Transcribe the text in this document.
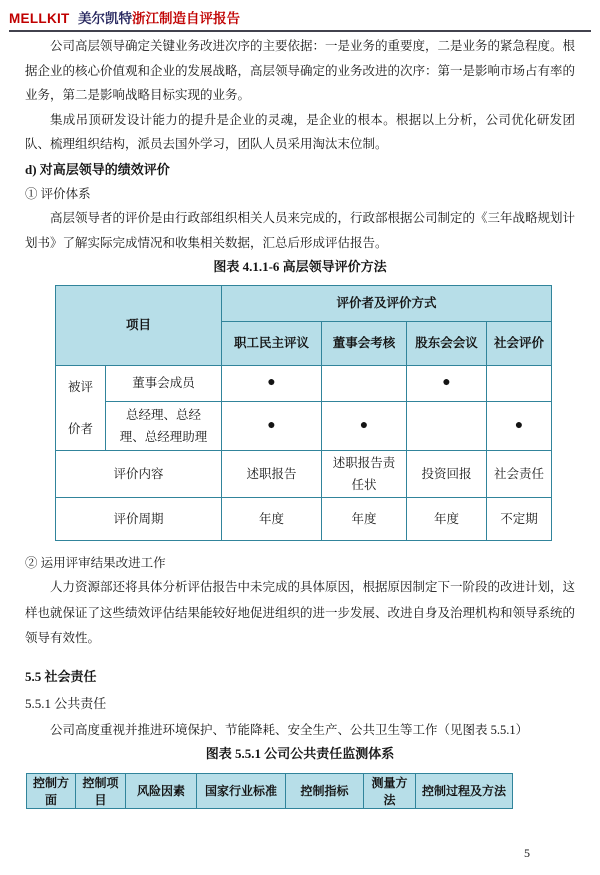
MELLKIT 美尔凯特浙江制造自评报告

公司高层领导确定关键业务改进次序的主要依据：一是业务的重要度，二是业务的紧急程度。根据企业的核心价值观和企业的发展战略，高层领导确定的业务改进的次序：第一是影响市场占有率的业务，第二是影响战略目标实现的业务。

集成吊顶研发设计能力的提升是企业的灵魂，是企业的根本。根据以上分析，公司优化研发团队、梳理组织结构，派员去国外学习，团队人员采用淘汰末位制。

d) 对高层领导的绩效评价

① 评价体系

高层领导者的评价是由行政部组织相关人员来完成的，行政部根据公司制定的《三年战略规划计划书》了解实际完成情况和收集相关数据，汇总后形成评估报告。

图表 4.1.1-6 高层领导评价方法

项目		评价者及评价方式			
		职工民主评议	董事会考核	股东会会议	社会评价
被评价者	董事会成员	●		●	
	总经理、总经理、总经理助理	●	●		●
评价内容		述职报告	述职报告责任状	投资回报	社会责任
评价周期		年度	年度	年度	不定期

② 运用评审结果改进工作

人力资源部还将具体分析评估报告中未完成的具体原因，根据原因制定下一阶段的改进计划，这样也就保证了这些绩效评估结果能较好地促进组织的进一步发展、改进自身及治理机构和领导系统的领导有效性。

5.5 社会责任

5.5.1 公共责任

公司高度重视并推进环境保护、节能降耗、安全生产、公共卫生等工作（见图表 5.5.1）

图表 5.5.1 公司公共责任监测体系

控制方面	控制项目	风险因素	国家行业标准	控制指标	测量方法	控制过程及方法
5
